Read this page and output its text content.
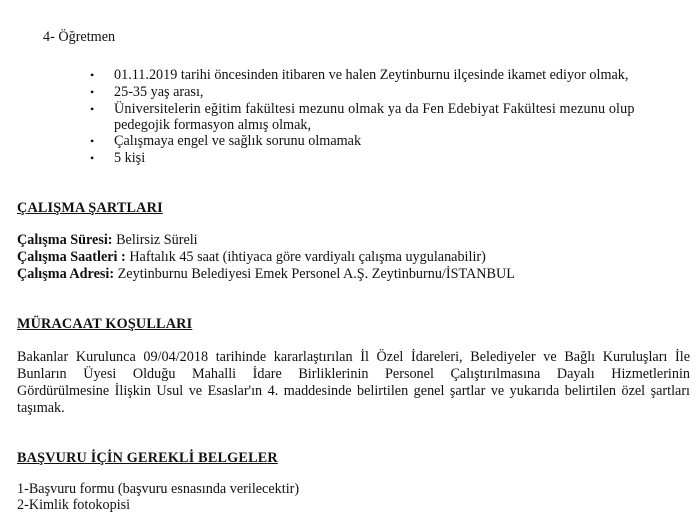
4- Öğretmen
• 01.11.2019 tarihi öncesinden itibaren ve halen Zeytinburnu ilçesinde ikamet ediyor olmak,
• 25-35 yaş arası,
• Üniversitelerin eğitim fakültesi mezunu olmak ya da Fen Edebiyat Fakültesi mezunu olup
pedegojik formasyon almış olmak,
• Çalışmaya engel ve sağlık sorunu olmamak
• 5 kişi
ÇALIŞMA ŞARTLARI
Çalışma Süresi: Belirsiz Süreli
Çalışma Saatleri : Haftalık 45 saat (ihtiyaca göre vardiyalı çalışma uygulanabilir)
Çalışma Adresi: Zeytinburnu Belediyesi Emek Personel A.Ş. Zeytinburnu/İSTANBUL
MÜRACAAT KOŞULLARI
Bakanlar Kurulunca 09/04/2018 tarihinde kararlaştırılan İl Özel İdareleri, Belediyeler ve Bağlı Kuruluşları İle
Bunların Üyesi Olduğu Mahalli İdare Birliklerinin Personel Çalıştırılmasına Dayalı Hizmetlerinin
Gördürülmesine İlişkin Usul ve Esaslar'ın 4. maddesinde belirtilen genel şartlar ve yukarıda belirtilen özel şartları
taşımak.
BAŞVURU İÇİN GEREKLİ BELGELER
1-Başvuru formu (başvuru esnasında verilecektir)
2-Kimlik fotokopisi
